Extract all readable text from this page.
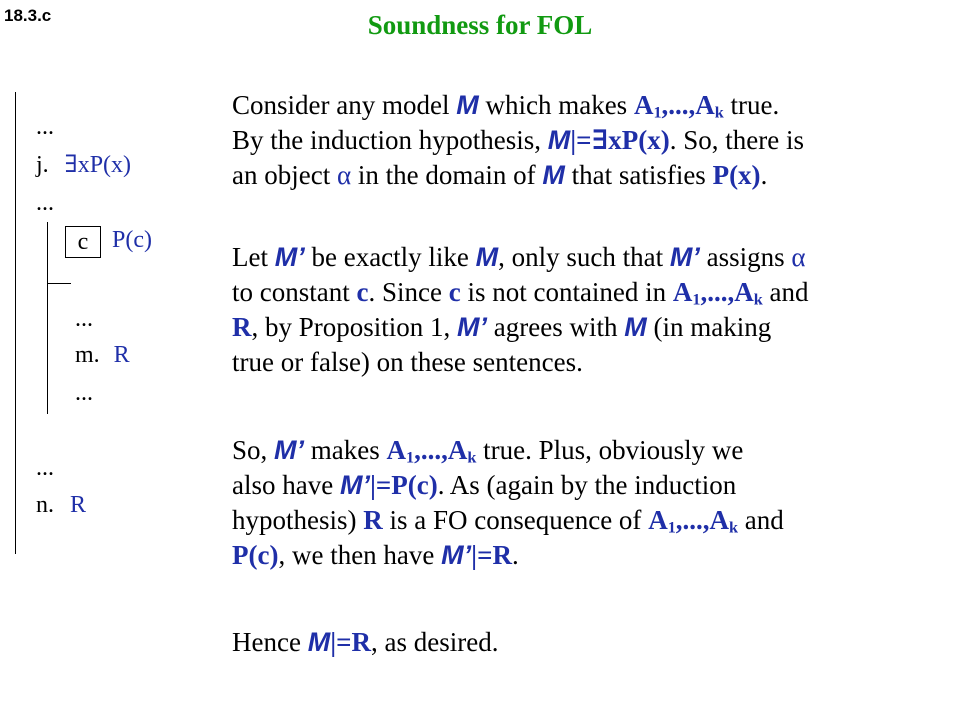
18.3.c	Soundness for FOL
...
j. ∃xP(x)
...
c P(c)
...
m. R
...
...
n. R
Consider any model M which makes $A_1,...,A_k$ true.
By the induction hypothesis, M|=∃xP(x). So, there is
an object α in the domain of M that satisfies P(x).
Let M’ be exactly like M, only such that M’ assigns α
to constant c. Since c is not contained in $A_1,...,A_k$ and
R, by Proposition 1, M’ agrees with M (in making
true or false) on these sentences.
So, M’ makes $A_1,...,A_k$ true. Plus, obviously we
also have M’|=P(c). As (again by the induction
hypothesis) R is a FO consequence of $A_1,...,A_k$ and
P(c), we then have M’|=R.
Hence M|=R, as desired.
